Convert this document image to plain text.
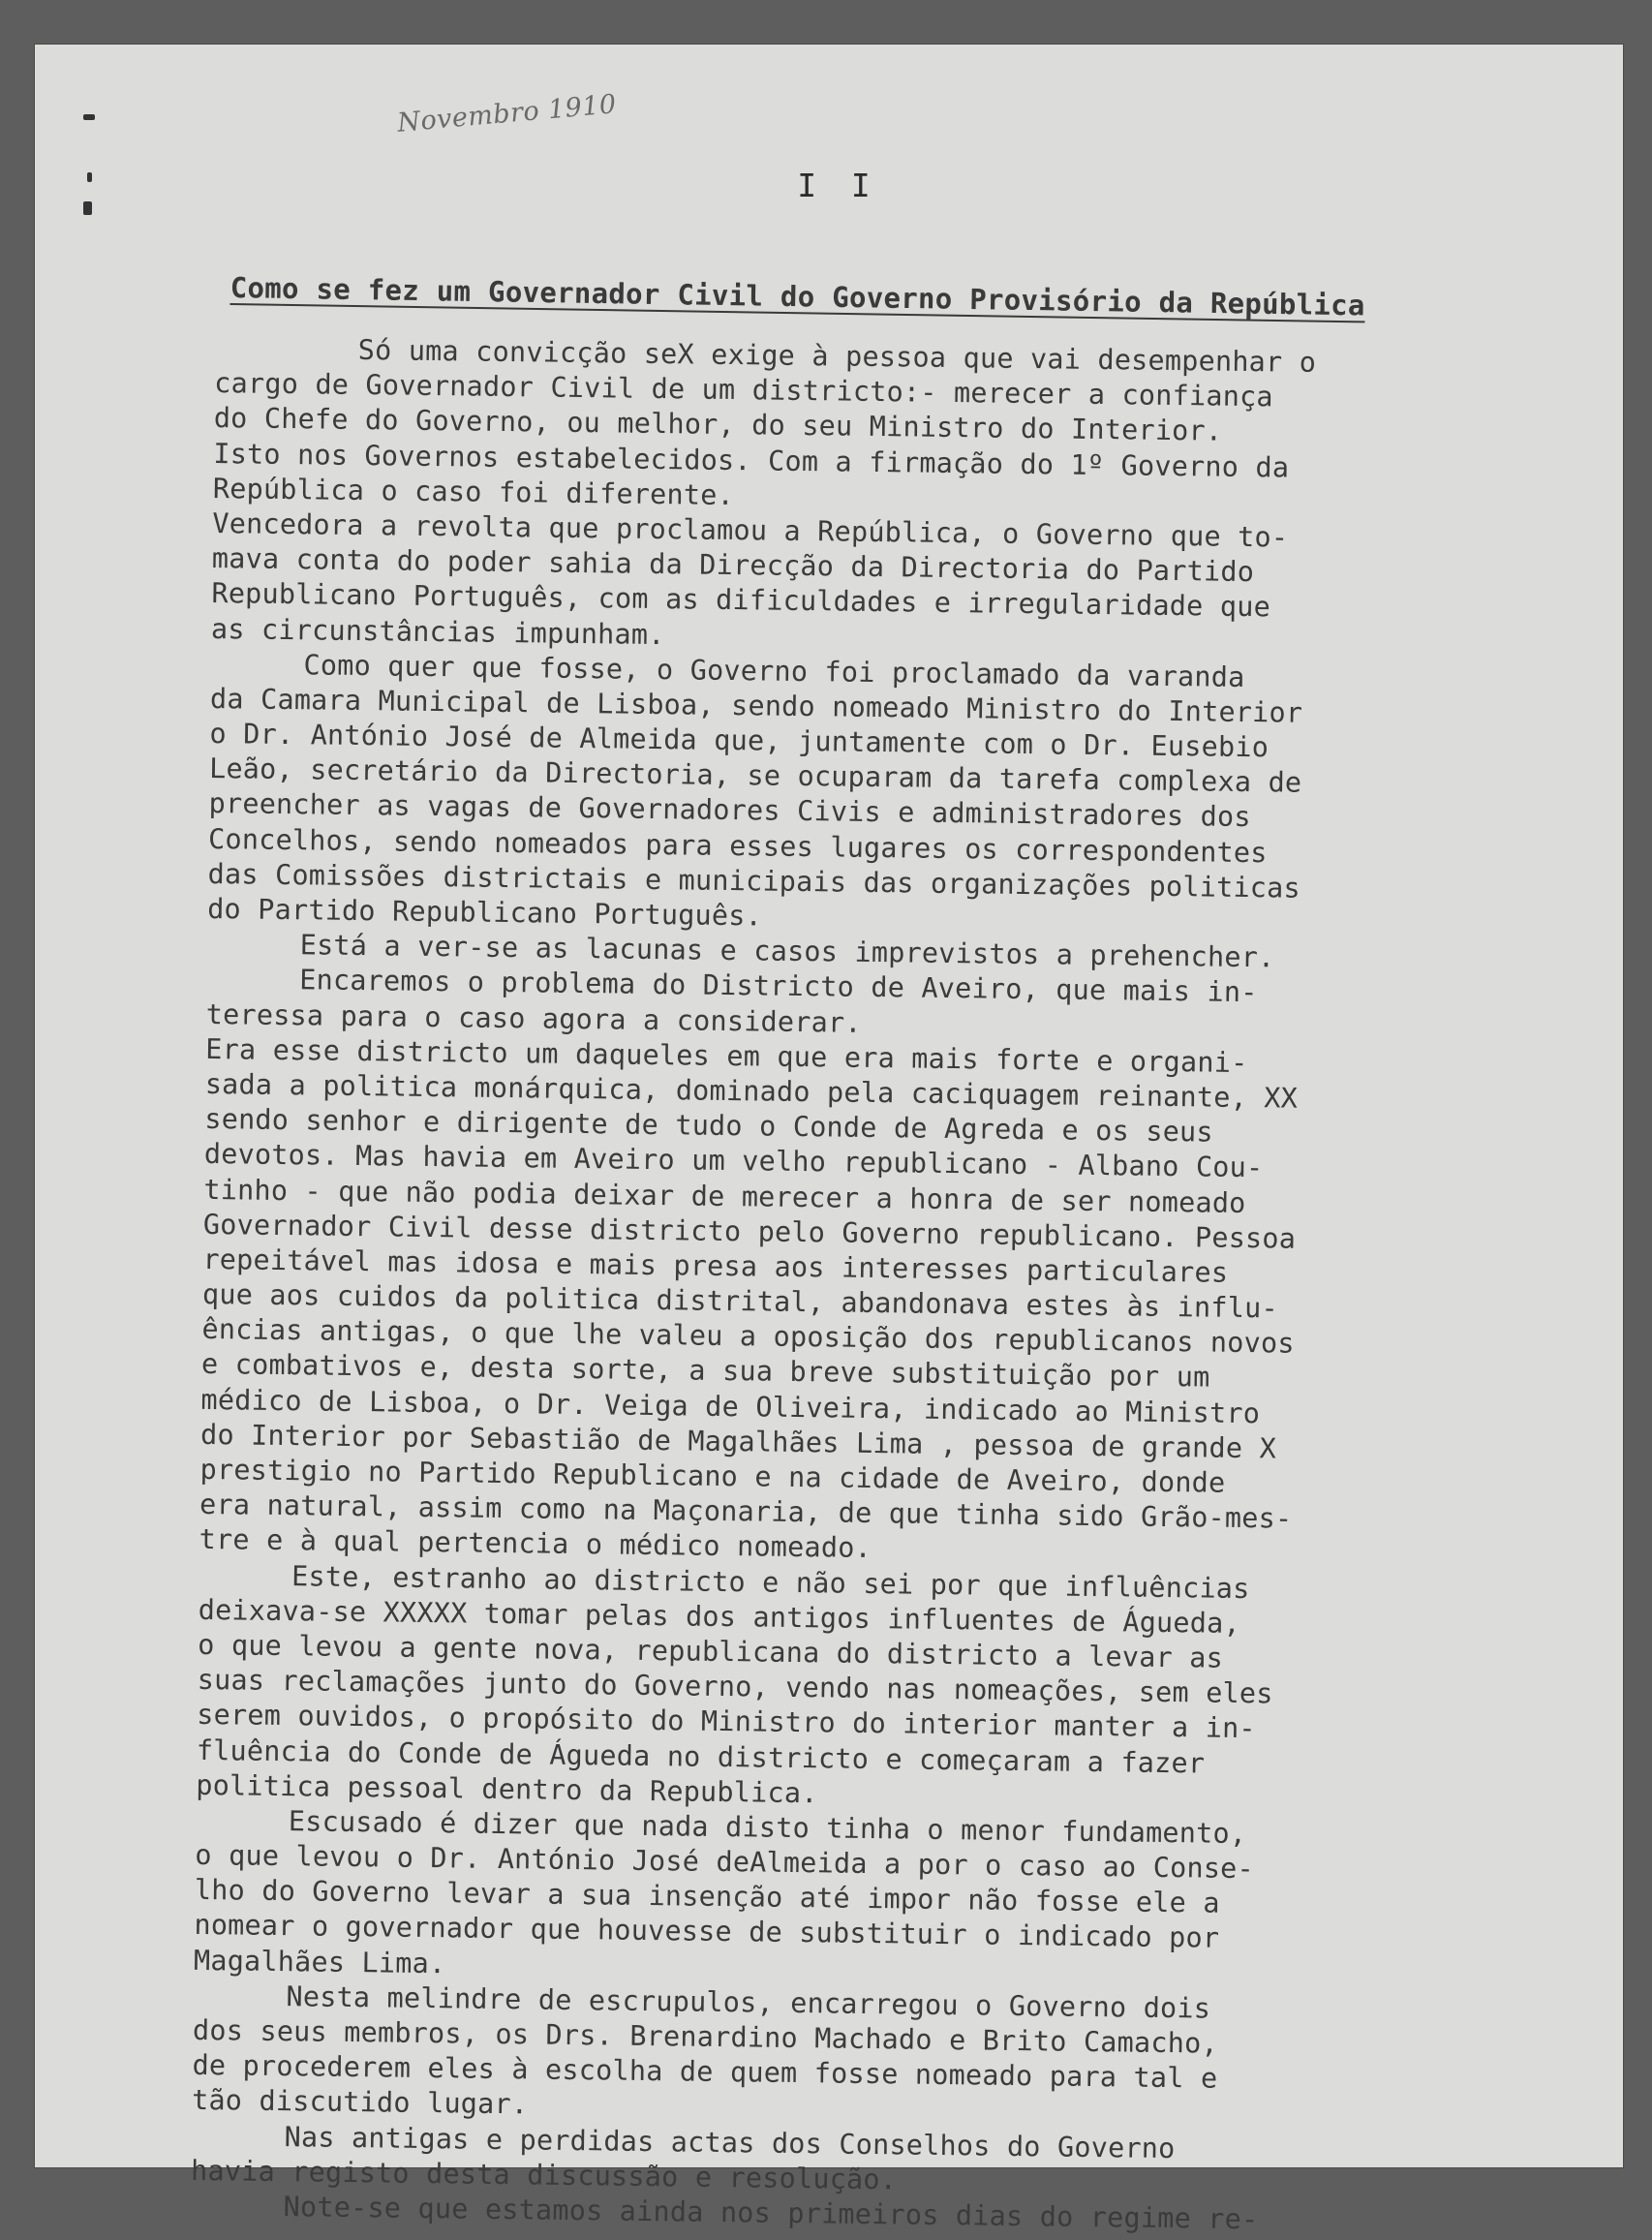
Novembro 1910
I I
Como se fez um Governador Civil do Governo Provisório da República
Só uma convicção seX exige à pessoa que vai desempenhar o
cargo de Governador Civil de um districto:- merecer a confiança
do Chefe do Governo, ou melhor, do seu Ministro do Interior.
Isto nos Governos estabelecidos. Com a firmação do 1º Governo da
República o caso foi diferente.
Vencedora a revolta que proclamou a República, o Governo que to-
mava conta do poder sahia da Direcção da Directoria do Partido
Republicano Português, com as dificuldades e irregularidade que
as circunstâncias impunham.
Como quer que fosse, o Governo foi proclamado da varanda
da Camara Municipal de Lisboa, sendo nomeado Ministro do Interior
o Dr. António José de Almeida que, juntamente com o Dr. Eusebio
Leão, secretário da Directoria, se ocuparam da tarefa complexa de
preencher as vagas de Governadores Civis e administradores dos
Concelhos, sendo nomeados para esses lugares os correspondentes
das Comissões districtais e municipais das organizações politicas
do Partido Republicano Português.
Está a ver-se as lacunas e casos imprevistos a prehencher.
Encaremos o problema do Districto de Aveiro, que mais in-
teressa para o caso agora a considerar.
Era esse districto um daqueles em que era mais forte e organi-
sada a politica monárquica, dominado pela caciquagem reinante, XX
sendo senhor e dirigente de tudo o Conde de Agreda e os seus
devotos. Mas havia em Aveiro um velho republicano - Albano Cou-
tinho - que não podia deixar de merecer a honra de ser nomeado
Governador Civil desse districto pelo Governo republicano. Pessoa
repeitável mas idosa e mais presa aos interesses particulares
que aos cuidos da politica distrital, abandonava estes às influ-
ências antigas, o que lhe valeu a oposição dos republicanos novos
e combativos e, desta sorte, a sua breve substituição por um
médico de Lisboa, o Dr. Veiga de Oliveira, indicado ao Ministro
do Interior por Sebastião de Magalhães Lima , pessoa de grande X
prestigio no Partido Republicano e na cidade de Aveiro, donde
era natural, assim como na Maçonaria, de que tinha sido Grão-mes-
tre e à qual pertencia o médico nomeado.
Este, estranho ao districto e não sei por que influências
deixava-se XXXXX tomar pelas dos antigos influentes de Águeda,
o que levou a gente nova, republicana do districto a levar as
suas reclamações junto do Governo, vendo nas nomeações, sem eles
serem ouvidos, o propósito do Ministro do interior manter a in-
fluência do Conde de Águeda no districto e começaram a fazer
politica pessoal dentro da Republica.
Escusado é dizer que nada disto tinha o menor fundamento,
o que levou o Dr. António José deAlmeida a por o caso ao Conse-
lho do Governo levar a sua insenção até impor não fosse ele a
nomear o governador que houvesse de substituir o indicado por
Magalhães Lima.
Nesta melindre de escrupulos, encarregou o Governo dois
dos seus membros, os Drs. Brenardino Machado e Brito Camacho,
de procederem eles à escolha de quem fosse nomeado para tal e
tão discutido lugar.
Nas antigas e perdidas actas dos Conselhos do Governo
havia registo desta discussão e resolução.
Note-se que estamos ainda nos primeiros dias do regime re-
